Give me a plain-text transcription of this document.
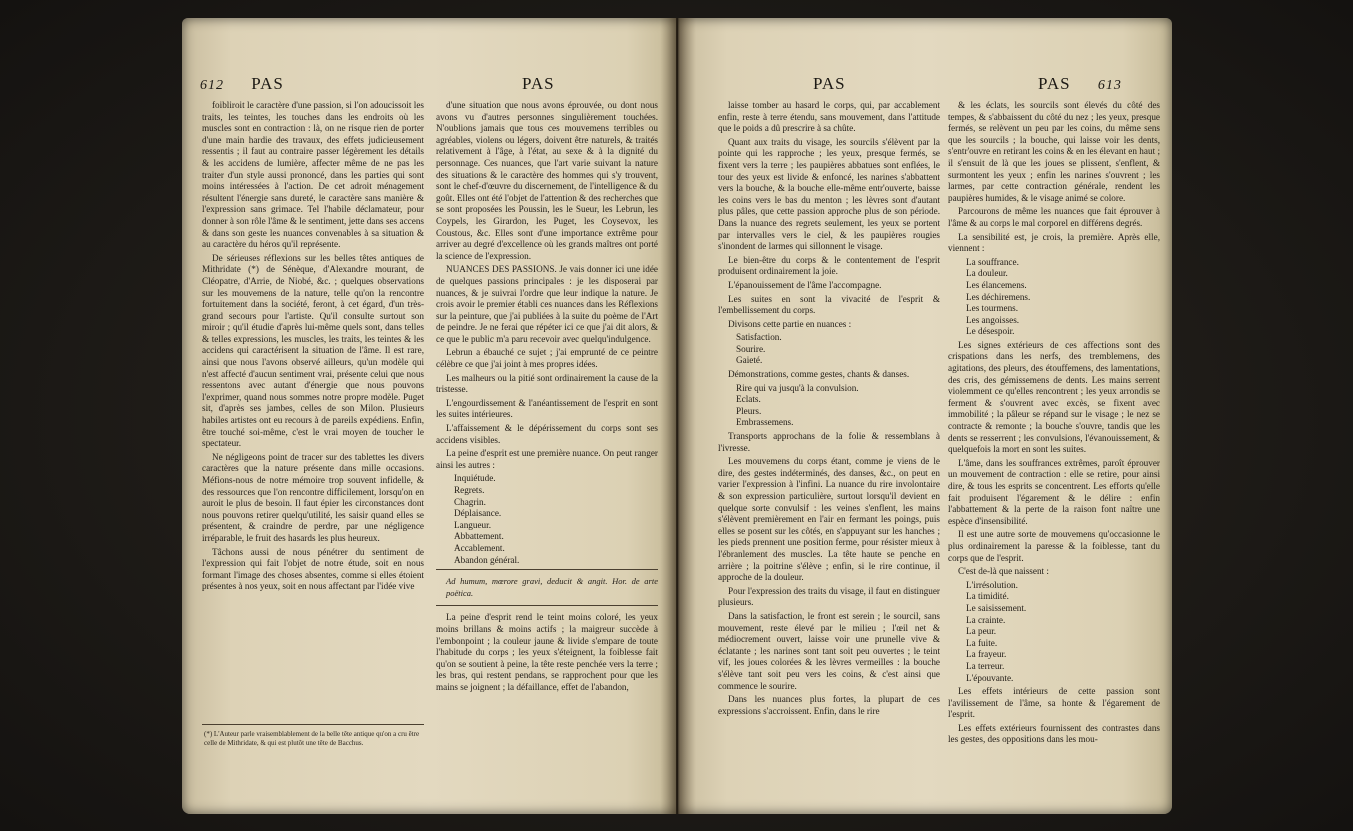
612 PAS	PAS

foibliroit le caractère d'une passion, si l'on adoucissoit les traits, les teintes, les touches dans les endroits où les muscles sont en contraction : là, on ne risque rien de porter d'une main hardie des travaux, des effets judicieusement ressentis ; il faut au contraire passer légèrement les détails & les accidens de lumière, affecter même de ne pas les traiter d'un style aussi prononcé, dans les parties qui sont moins intéressées à l'action. De cet adroit ménagement résultent l'énergie sans dureté, le caractère sans manière & l'expression sans grimace. Tel l'habile déclamateur, pour donner à son rôle l'âme & le sentiment, jette dans ses accens & dans son geste les nuances convenables à sa situation & au caractère du héros qu'il représente.

De sérieuses réflexions sur les belles têtes antiques de Mithridate (*) de Sénèque, d'Alexandre mourant, de Cléopatre, d'Arrie, de Niobé, &c. ; quelques observations sur les mouvemens de la nature, telle qu'on la rencontre fortuitement dans la société, feront, à cet égard, d'un très-grand secours pour l'artiste. Qu'il consulte surtout son miroir ; qu'il étudie d'après lui-même quels sont, dans telles & telles expressions, les muscles, les traits, les teintes & les accidens qui caractérisent la situation de l'âme. Il est rare, ainsi que nous l'avons observé ailleurs, qu'un modèle qui n'est affecté d'aucun sentiment vrai, présente celui que nous ressentons avec autant d'énergie que nous pouvons l'exprimer, quand nous sommes notre propre modèle. Puget sit, d'après ses jambes, celles de son Milon. Plusieurs habiles artistes ont eu recours à de pareils expédiens. Enfin, être touché soi-même, c'est le vrai moyen de toucher le spectateur.

Ne négligeons point de tracer sur des tablettes les divers caractères que la nature présente dans mille occasions. Méfions-nous de notre mémoire trop souvent infidelle, & des ressources que l'on rencontre difficilement, lorsqu'on en auroit le plus de besoin. Il faut épier les circonstances dont nous pouvons retirer quelqu'utilité, les saisir quand elles se présentent, & craindre de perdre, par une négligence irréparable, le fruit des hasards les plus heureux.

Tâchons aussi de nous pénétrer du sentiment de l'expression qui fait l'objet de notre étude, soit en nous formant l'image des choses absentes, comme si elles étoient présentes à nos yeux, soit en nous affectant par l'idée vive

(*) L'Auteur parle vraisemblablement de la belle tête antique qu'on a cru être celle de Mithridate, & qui est plutôt une tête de Bacchus.

d'une situation que nous avons éprouvée, ou dont nous avons vu d'autres personnes singulièrement touchées. N'oublions jamais que tous ces mouvemens terribles ou agréables, violens ou légers, doivent être naturels, & traités relativement à l'âge, à l'état, au sexe & à la dignité du personnage. Ces nuances, que l'art varie suivant la nature des situations & le caractère des hommes qui s'y trouvent, sont le chef-d'œuvre du discernement, de l'intelligence & du goût. Elles ont été l'objet de l'attention & des recherches que se sont proposées les Poussin, les le Sueur, les Lebrun, les Coypels, les Girardon, les Puget, les Coysevox, les Coustous, &c. Elles sont d'une importance extrême pour arriver au degré d'excellence où les grands maîtres ont porté la science de l'expression.

NUANCES DES PASSIONS. Je vais donner ici une idée de quelques passions principales : je les disposerai par nuances, & je suivrai l'ordre que leur indique la nature. Je crois avoir le premier établi ces nuances dans les Réflexions sur la peinture, que j'ai publiées à la suite du poème de l'Art de peindre. Je ne ferai que répéter ici ce que j'ai dit alors, & ce que le public m'a paru recevoir avec quelqu'indulgence.

Lebrun a ébauché ce sujet ; j'ai emprunté de ce peintre célèbre ce que j'ai joint à mes propres idées.

Les malheurs ou la pitié sont ordinairement la cause de la tristesse.

L'engourdissement & l'anéantissement de l'esprit en sont les suites intérieures.

L'affaissement & le dépérissement du corps sont ses accidens visibles.

La peine d'esprit est une première nuance. On peut ranger ainsi les autres :

Inquiétude.
Regrets.
Chagrin.
Déplaisance.
Langueur.
Abbattement.
Accablement.
Abandon général.
Ad humum, mœrore gravi, deducit & angit. Hor. de arte poëtica.

La peine d'esprit rend le teint moins coloré, les yeux moins brillans & moins actifs ; la maigreur succède à l'embonpoint ; la couleur jaune & livide s'empare de toute l'habitude du corps ; les yeux s'éteignent, la foiblesse fait qu'on se soutient à peine, la tête reste penchée vers la terre ; les bras, qui restent pendans, se rapprochent pour que les mains se joignent ; la défaillance, effet de l'abandon,

PAS	PAS 613

laisse tomber au hasard le corps, qui, par accablement enfin, reste à terre étendu, sans mouvement, dans l'attitude que le poids a dû prescrire à sa chûte.

Quant aux traits du visage, les sourcils s'élèvent par la pointe qui les rapproche ; les yeux, presque fermés, se fixent vers la terre ; les paupières abbatues sont enflées, le tour des yeux est livide & enfoncé, les narines s'abbattent vers la bouche, & la bouche elle-même entr'ouverte, baisse les coins vers le bas du menton ; les lèvres sont d'autant plus pâles, que cette passion approche plus de son période. Dans la nuance des regrets seulement, les yeux se portent par intervalles vers le ciel, & les paupières rougies s'inondent de larmes qui sillonnent le visage.

Le bien-être du corps & le contentement de l'esprit produisent ordinairement la joie.

L'épanouissement de l'âme l'accompagne.

Les suites en sont la vivacité de l'esprit & l'embellissement du corps.

Divisons cette partie en nuances :

Satisfaction.
Sourire.
Gaieté.

Démonstrations, comme gestes, chants & danses.

Rire qui va jusqu'à la convulsion.
Eclats.
Pleurs.
Embrassemens.

Transports approchans de la folie & ressemblans à l'ivresse.

Les mouvemens du corps étant, comme je viens de le dire, des gestes indéterminés, des danses, &c., on peut en varier l'expression à l'infini. La nuance du rire involontaire & son expression particulière, surtout lorsqu'il devient en quelque sorte convulsif : les veines s'enflent, les mains s'élèvent premièrement en l'air en fermant les poings, puis elles se posent sur les côtés, en s'appuyant sur les hanches ; les pieds prennent une position ferme, pour résister mieux à l'ébranlement des muscles. La tête haute se penche en arrière ; la poitrine s'élève ; enfin, si le rire continue, il approche de la douleur.

Pour l'expression des traits du visage, il faut en distinguer plusieurs.

Dans la satisfaction, le front est serein ; le sourcil, sans mouvement, reste élevé par le milieu ; l'œil net & médiocrement ouvert, laisse voir une prunelle vive & éclatante ; les narines sont tant soit peu ouvertes ; le teint vif, les joues colorées & les lèvres vermeilles : la bouche s'élève tant soit peu vers les coins, & c'est ainsi que commence le sourire.

Dans les nuances plus fortes, la plupart de ces expressions s'accroissent. Enfin, dans le rire

& les éclats, les sourcils sont élevés du côté des tempes, & s'abbaissent du côté du nez ; les yeux, presque fermés, se relèvent un peu par les coins, du même sens que les sourcils ; la bouche, qui laisse voir les dents, s'entr'ouvre en retirant les coins & en les élevant en haut ; il s'ensuit de là que les joues se plissent, s'enflent, & surmontent les yeux ; enfin les narines s'ouvrent ; les larmes, par cette contraction générale, rendent les paupières humides, & le visage animé se colore.

Parcourons de même les nuances que fait éprouver à l'âme & au corps le mal corporel en différens degrés.

La sensibilité est, je crois, la première. Après elle, viennent :

La souffrance.
La douleur.
Les élancemens.
Les déchiremens.
Les tourmens.
Les angoisses.
Le désespoir.

Les signes extérieurs de ces affections sont des crispations dans les nerfs, des tremblemens, des agitations, des pleurs, des étouffemens, des lamentations, des cris, des gémissemens de dents. Les mains serrent violemment ce qu'elles rencontrent ; les yeux arrondis se ferment & s'ouvrent avec excès, se fixent avec immobilité ; la pâleur se répand sur le visage ; le nez se contracte & remonte ; la bouche s'ouvre, tandis que les dents se resserrent ; les convulsions, l'évanouissement, & quelquefois la mort en sont les suites.

L'âme, dans les souffrances extrêmes, paroît éprouver un mouvement de contraction : elle se retire, pour ainsi dire, & tous les esprits se concentrent. Les efforts qu'elle fait produisent l'égarement & le délire : enfin l'abbattement & la perte de la raison font naître une espèce d'insensibilité.

Il est une autre sorte de mouvemens qu'occasionne le plus ordinairement la paresse & la foiblesse, tant du corps que de l'esprit.

C'est de-là que naissent :

L'irrésolution.
La timidité.
Le saisissement.
La crainte.
La peur.
La fuite.
La frayeur.
La terreur.
L'épouvante.

Les effets intérieurs de cette passion sont l'avilissement de l'âme, sa honte & l'égarement de l'esprit.

Les effets extérieurs fournissent des contrastes dans les gestes, des oppositions dans les mou-
